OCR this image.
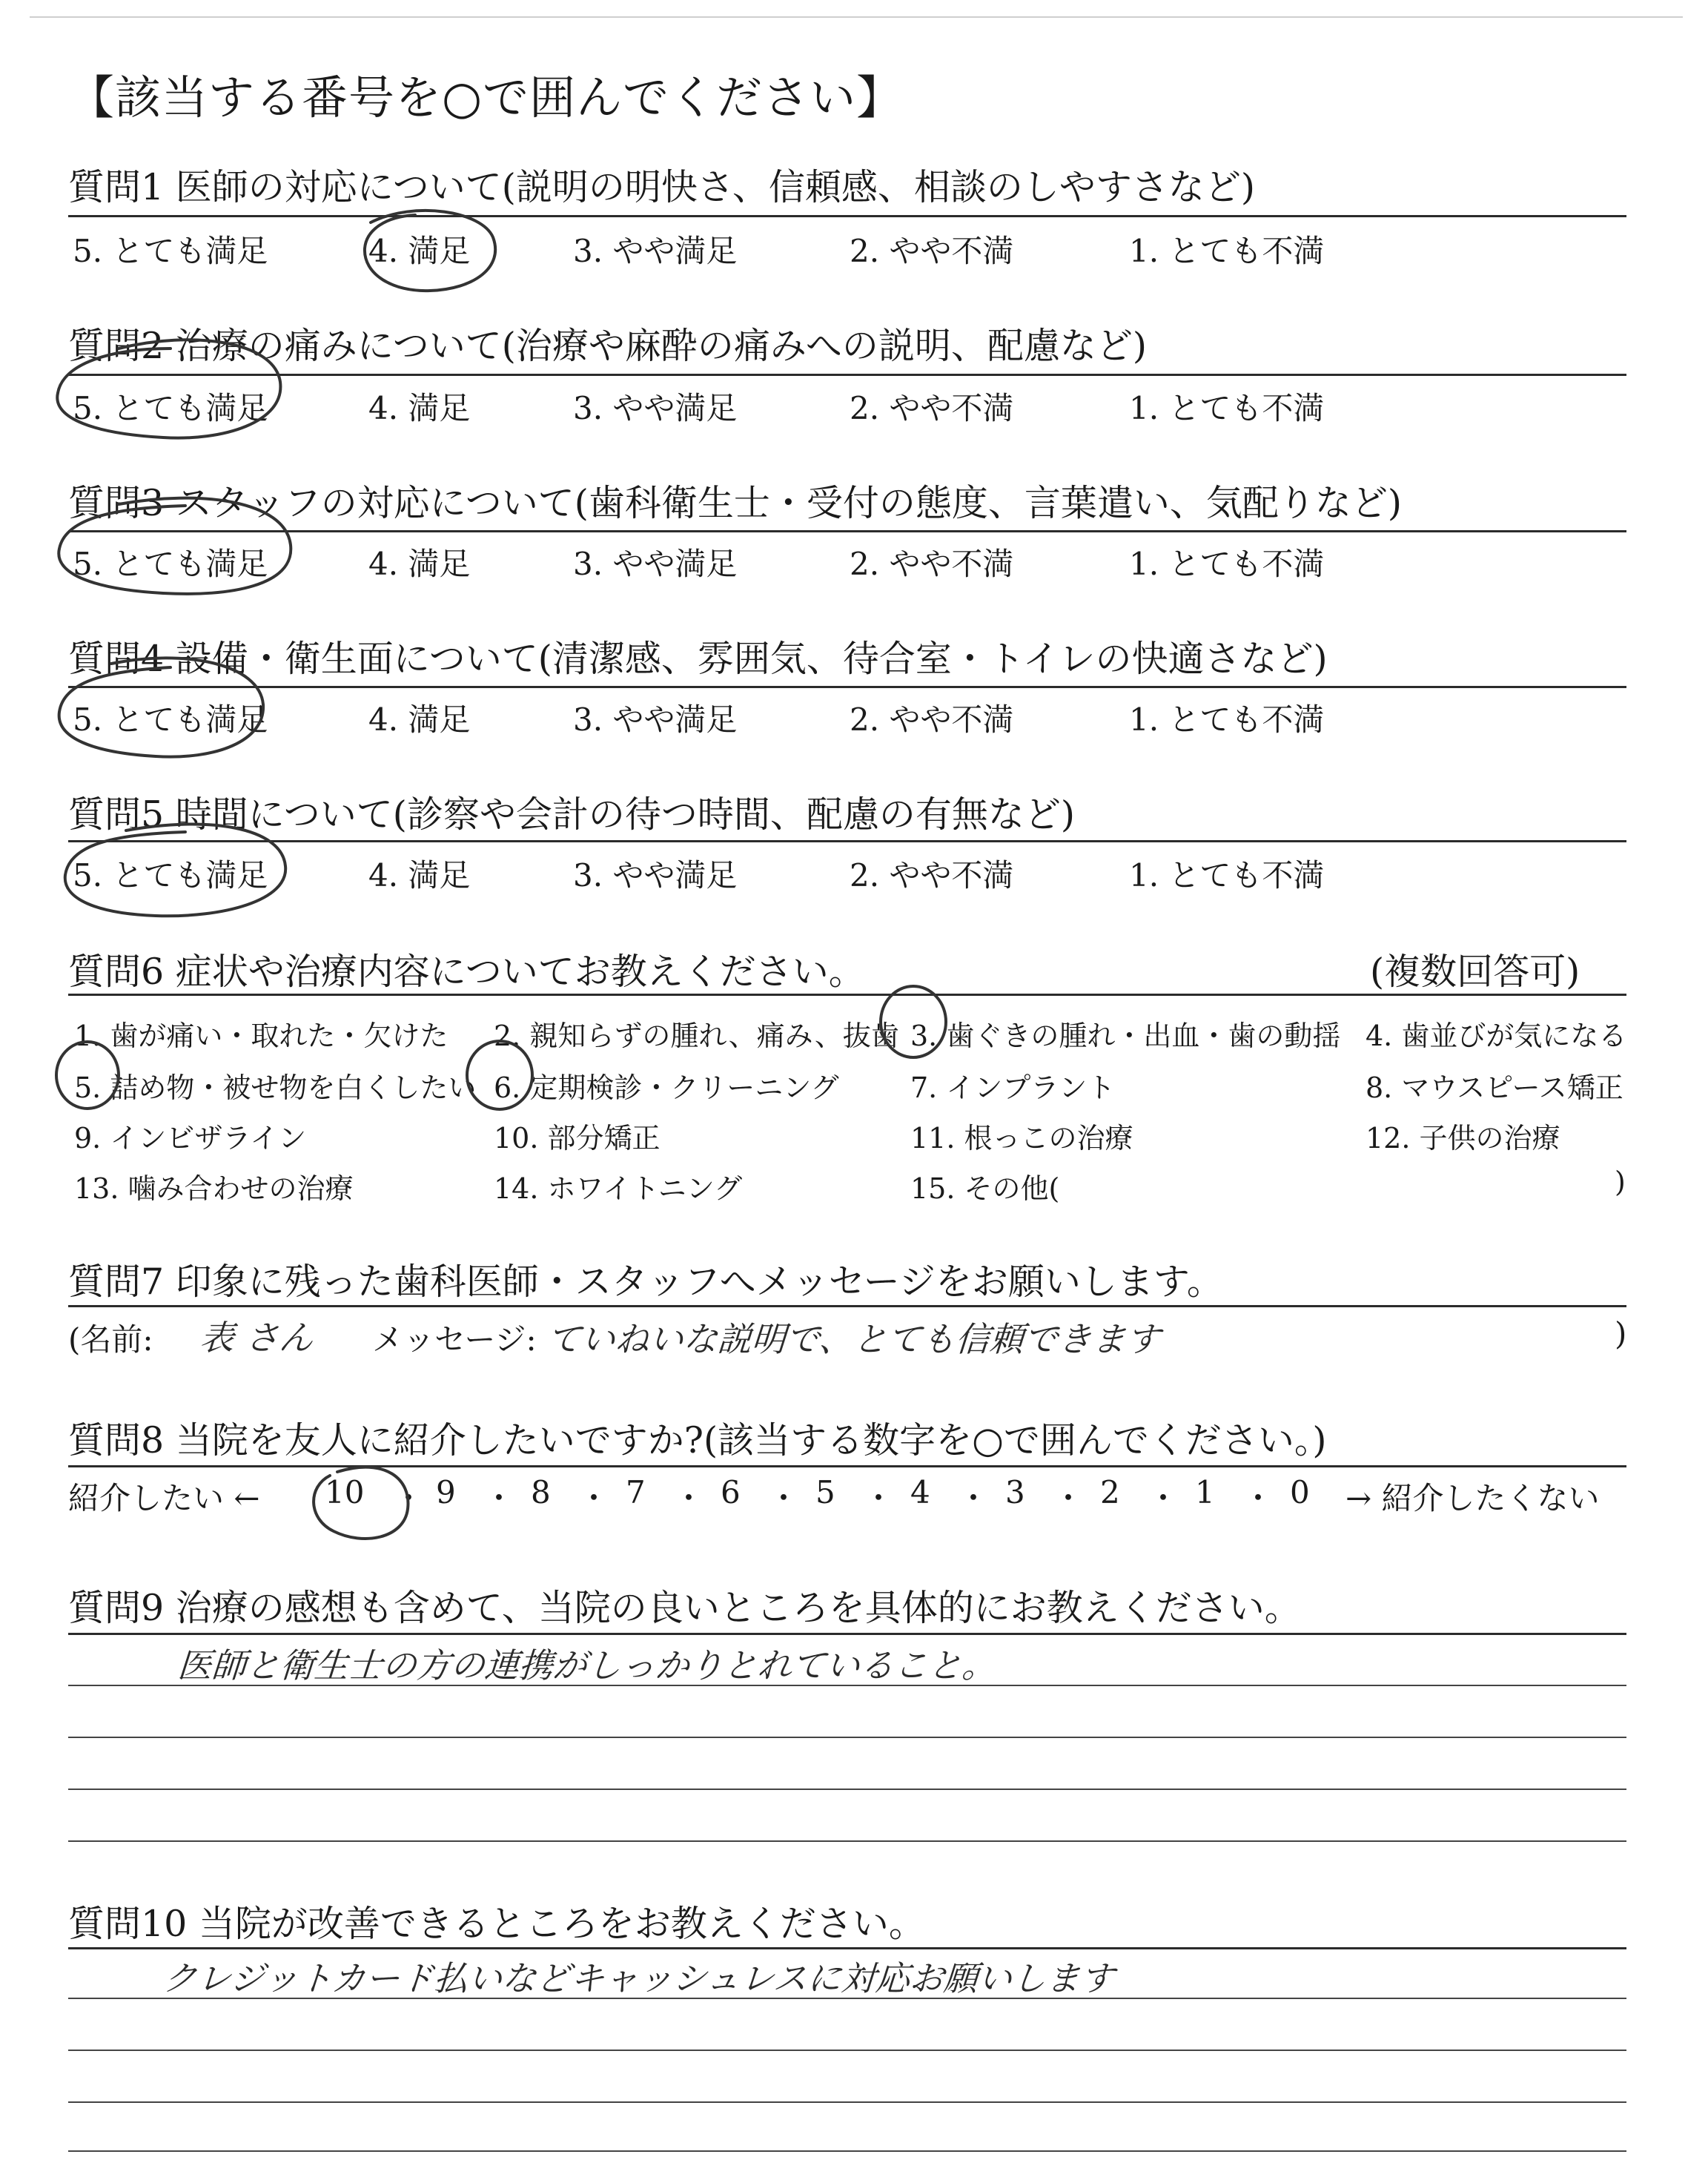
【該当する番号を○で囲んでください】
質問1 医師の対応について(説明の明快さ、信頼感、相談のしやすさなど)
5. とても満足	4. 満足	3. やや満足	2. やや不満	1. とても不満
質問2 治療の痛みについて(治療や麻酔の痛みへの説明、配慮など)
5. とても満足	4. 満足	3. やや満足	2. やや不満	1. とても不満
質問3 スタッフの対応について(歯科衛生士・受付の態度、言葉遣い、気配りなど)
5. とても満足	4. 満足	3. やや満足	2. やや不満	1. とても不満
質問4 設備・衛生面について(清潔感、雰囲気、待合室・トイレの快適さなど)
5. とても満足	4. 満足	3. やや満足	2. やや不満	1. とても不満
質問5 時間について(診察や会計の待つ時間、配慮の有無など)
5. とても満足	4. 満足	3. やや満足	2. やや不満	1. とても不満
質問6 症状や治療内容についてお教えください。	(複数回答可)
1. 歯が痛い・取れた・欠けた 2. 親知らずの腫れ、痛み、抜歯 3. 歯ぐきの腫れ・出血・歯の動揺 4. 歯並びが気になる
5. 詰め物・被せ物を白くしたい 6. 定期検診・クリーニング	7. インプラント	8. マウスピース矯正
9. インビザライン	10. 部分矯正	11. 根っこの治療	12. 子供の治療
13. 噛み合わせの治療	14. ホワイトニング	15. その他(	)
質問7 印象に残った歯科医師・スタッフへメッセージをお願いします。
(名前: 表 さん メッセージ: ていねいな説明で、とても信頼できます	)
質問8 当院を友人に紹介したいですか?(該当する数字を○で囲んでください。)
紹介したい ←	→ 紹介したくない
10 ・ 9 ・ 8 ・ 7 ・ 6 ・ 5 ・ 4 ・ 3 ・ 2 ・ 1 ・ 0
質問9 治療の感想も含めて、当院の良いところを具体的にお教えください。
医師と衛生士の方の連携がしっかりとれていること。
質問10 当院が改善できるところをお教えください。
クレジットカード払いなどキャッシュレスに対応お願いします
